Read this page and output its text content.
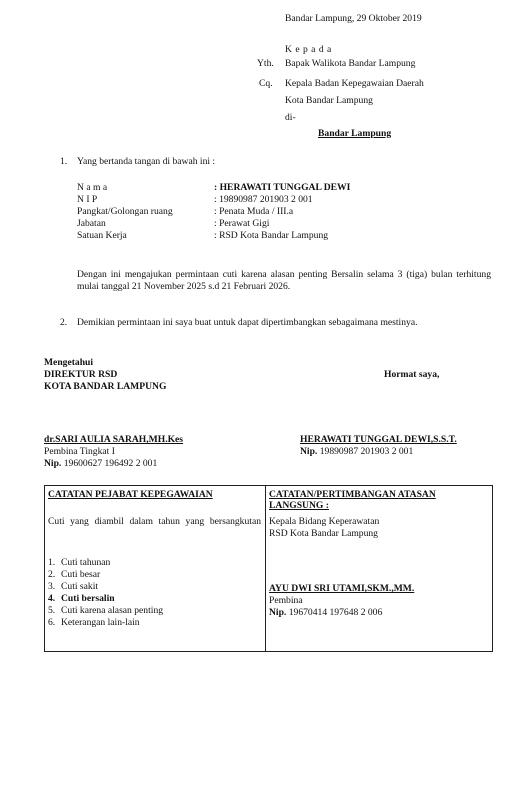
Bandar Lampung, 29 Oktober 2019
K e p a d a
Yth. Bapak Walikota Bandar Lampung
Cq. Kepala Badan Kepegawaian Daerah
Kota Bandar Lampung
di-
Bandar Lampung
1. Yang bertanda tangan di bawah ini :
N a m a	: HERAWATI TUNGGAL DEWI
N I P	: 19890987 201903 2 001
Pangkat/Golongan ruang	: Penata Muda / III.a
Jabatan	: Perawat Gigi
Satuan Kerja	: RSD Kota Bandar Lampung
Dengan ini mengajukan permintaan cuti karena alasan penting Bersalin selama 3 (tiga) bulan terhitung mulai tanggal 21 November 2025 s.d 21 Februari 2026.
2. Demikian permintaan ini saya buat untuk dapat dipertimbangkan sebagaimana mestinya.
Mengetahui
DIREKTUR RSD
KOTA BANDAR LAMPUNG
Hormat saya,
dr.SARI AULIA SARAH,MH.Kes
Pembina Tingkat I
Nip. 19600627 196492 2 001
HERAWATI TUNGGAL DEWI,S.S.T.
Nip. 19890987 201903 2 001
CATATAN PEJABAT KEPEGAWAIAN
Cuti yang diambil dalam tahun yang bersangkutan
1. Cuti tahunan
2. Cuti besar
3. Cuti sakit
4. Cuti bersalin
5. Cuti karena alasan penting
6. Keterangan lain-lain

CATATAN/PERTIMBANGAN ATASAN
LANGSUNG :
Kepala Bidang Keperawatan
RSD Kota Bandar Lampung
AYU DWI SRI UTAMI,SKM.,MM.
Pembina
Nip. 19670414 197648 2 006
